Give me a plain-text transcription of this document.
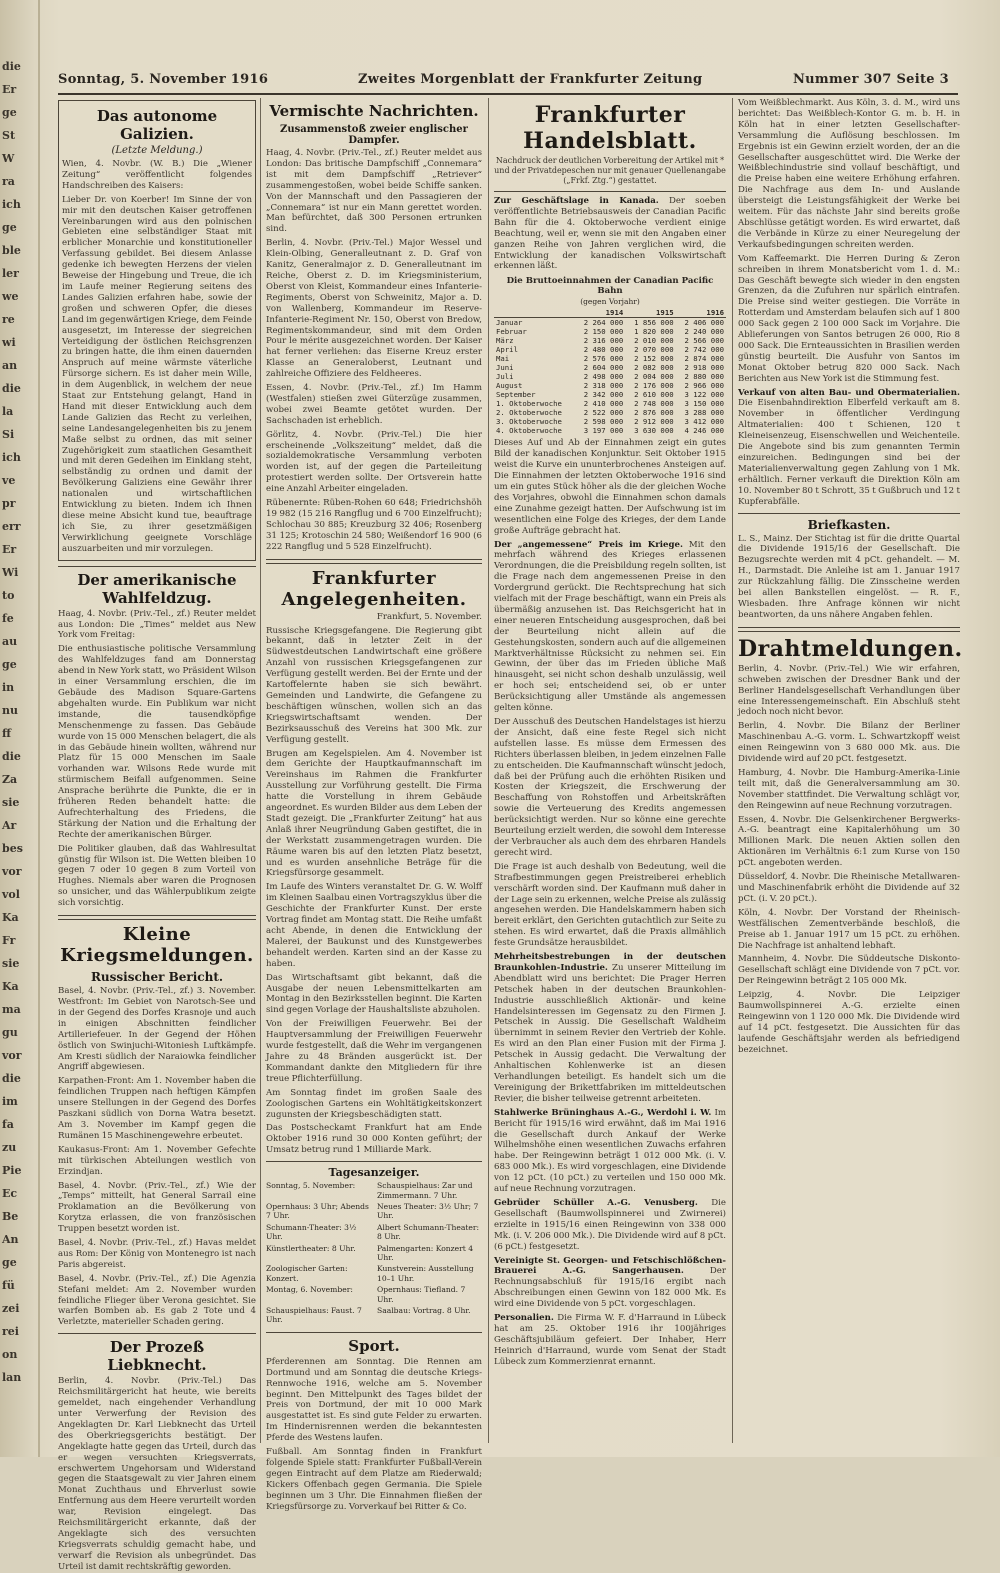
die
Er
ge
St
W
ra
ich
ge
ble
ler
we
re
wi
an
die
la
Si
ich
ve
pr
err
Er
Wi
to
fe
au
ge
in
nu
ff
die
Za
sie
Ar
bes
vor
vol
Ka
Fr
sie
Ka
ma
gu
vor
die
im
fa
zu
Pie
Ec
Be
An
ge
fü
zei
rei
on
lan
Sonntag, 5. November 1916	Zweites Morgenblatt der Frankfurter Zeitung	Nummer 307 Seite 3
Das autonome Galizien.
(Letzte Meldung.)

Wien, 4. Novbr. (W. B.) Die „Wiener Zeitung“ veröffentlicht folgendes Handschreiben des Kaisers:

Lieber Dr. von Koerber! Im Sinne der von mir mit den deutschen Kaiser getroffenen Vereinbarungen wird aus den polnischen Gebieten eine selbständiger Staat mit erblicher Monarchie und konstitutioneller Verfassung gebildet. Bei diesem Anlasse gedenke ich bewegten Herzens der vielen Beweise der Hingebung und Treue, die ich im Laufe meiner Regierung seitens des Landes Galizien erfahren habe, sowie der großen und schweren Opfer, die dieses Land im gegenwärtigen Kriege, dem Feinde ausgesetzt, im Interesse der siegreichen Verteidigung der östlichen Reichsgrenzen zu bringen hatte, die ihm einen dauernden Anspruch auf meine wärmste väterliche Fürsorge sichern. Es ist daher mein Wille, in dem Augenblick, in welchem der neue Staat zur Entstehung gelangt, Hand in Hand mit dieser Entwicklung auch dem Lande Galizien das Recht zu verleihen, seine Landesangelegenheiten bis zu jenem Maße selbst zu ordnen, das mit seiner Zugehörigkeit zum staatlichen Gesamtheit und mit deren Gedeihen im Einklang steht, selbständig zu ordnen und damit der Bevölkerung Galiziens eine Gewähr ihrer nationalen und wirtschaftlichen Entwicklung zu bieten. Indem ich Ihnen diese meine Absicht kund tue, beauftrage ich Sie, zu ihrer gesetzmäßigen Verwirklichung geeignete Vorschläge auszuarbeiten und mir vorzulegen.

Der amerikanische Wahlfeldzug.

Haag, 4. Novbr. (Priv.-Tel., zf.) Reuter meldet aus London: Die „Times“ meldet aus New York vom Freitag:

Die enthusiastische politische Versammlung des Wahlfeldzuges fand am Donnerstag abend in New York statt, wo Präsident Wilson in einer Versammlung erschien, die im Gebäude des Madison Square-Gartens abgehalten wurde. Ein Publikum war nicht imstande, die tausendköpfige Menschenmenge zu fassen. Das Gebäude wurde von 15 000 Menschen belagert, die als in das Gebäude hinein wollten, während nur Platz für 15 000 Menschen im Saale vorhanden war. Wilsons Rede wurde mit stürmischem Beifall aufgenommen. Seine Ansprache berührte die Punkte, die er in früheren Reden behandelt hatte: die Aufrechterhaltung des Friedens, die Stärkung der Nation und die Erhaltung der Rechte der amerikanischen Bürger.

Die Politiker glauben, daß das Wahlresultat günstig für Wilson ist. Die Wetten bleiben 10 gegen 7 oder 10 gegen 8 zum Vorteil von Hughes. Niemals aber waren die Prognosen so unsicher, und das Wählerpublikum zeigte sich vorsichtig.

Kleine Kriegsmeldungen.
Russischer Bericht.

Basel, 4. Novbr. (Priv.-Tel., zf.) 3. November. Westfront: Im Gebiet von Narotsch-See und in der Gegend des Dorfes Krasnoje und auch in einigen Abschnitten feindlicher Artilleriefeuer. In der Gegend der Höhen östlich von Swinjuchi-Witoniesh Luftkämpfe. Am Kresti südlich der Naraiowka feindlicher Angriff abgewiesen.

Karpathen-Front: Am 1. November haben die feindlichen Truppen nach heftigen Kämpfen unsere Stellungen in der Gegend des Dorfes Paszkani südlich von Dorna Watra besetzt. Am 3. November im Kampf gegen die Rumänen 15 Maschinengewehre erbeutet.

Kaukasus-Front: Am 1. November Gefechte mit türkischen Abteilungen westlich von Erzindjan.

Basel, 4. Novbr. (Priv.-Tel., zf.) Wie der „Temps“ mitteilt, hat General Sarrail eine Proklamation an die Bevölkerung von Korytza erlassen, die von französischen Truppen besetzt worden ist.

Basel, 4. Novbr. (Priv.-Tel., zf.) Havas meldet aus Rom: Der König von Montenegro ist nach Paris abgereist.

Basel, 4. Novbr. (Priv.-Tel., zf.) Die Agenzia Stefani meldet: Am 2. November wurden feindliche Flieger über Verona gesichtet. Sie warfen Bomben ab. Es gab 2 Tote und 4 Verletzte, materieller Schaden gering.

Der Prozeß Liebknecht.

Berlin, 4. Novbr. (Priv.-Tel.) Das Reichsmilitärgericht hat heute, wie bereits gemeldet, nach eingehender Verhandlung unter Verwerfung der Revision des Angeklagten Dr. Karl Liebknecht das Urteil des Oberkriegsgerichts bestätigt. Der Angeklagte hatte gegen das Urteil, durch das er wegen versuchten Kriegsverrats, erschwertem Ungehorsam und Widerstand gegen die Staatsgewalt zu vier Jahren einem Monat Zuchthaus und Ehrverlust sowie Entfernung aus dem Heere verurteilt worden war, Revision eingelegt. Das Reichsmilitärgericht erkannte, daß der Angeklagte sich des versuchten Kriegsverrats schuldig gemacht habe, und verwarf die Revision als unbegründet. Das Urteil ist damit rechtskräftig geworden.

Vermischte Nachrichten.
Zusammenstoß zweier englischer Dampfer.

Haag, 4. Novbr. (Priv.-Tel., zf.) Reuter meldet aus London: Das britische Dampfschiff „Connemara“ ist mit dem Dampfschiff „Retriever“ zusammengestoßen, wobei beide Schiffe sanken. Von der Mannschaft und den Passagieren der „Connemara“ ist nur ein Mann gerettet worden. Man befürchtet, daß 300 Personen ertrunken sind.

Berlin, 4. Novbr. (Priv.-Tel.) Major Wessel und Klein-Olbing, Generalleutnant z. D. Graf von Kanitz, Generalmajor z. D. Generalleutnant im Reiche, Oberst z. D. im Kriegsministerium, Oberst von Kleist, Kommandeur eines Infanterie-Regiments, Oberst von Schweinitz, Major a. D. von Wallenberg, Kommandeur im Reserve-Infanterie-Regiment Nr. 150, Oberst von Bredow, Regimentskommandeur, sind mit dem Orden Pour le mérite ausgezeichnet worden. Der Kaiser hat ferner verliehen: das Eiserne Kreuz erster Klasse an Generaloberst, Leutnant und zahlreiche Offiziere des Feldheeres.

Essen, 4. Novbr. (Priv.-Tel., zf.) Im Hamm (Westfalen) stießen zwei Güterzüge zusammen, wobei zwei Beamte getötet wurden. Der Sachschaden ist erheblich.

Görlitz, 4. Novbr. (Priv.-Tel.) Die hier erscheinende „Volkszeitung“ meldet, daß die sozialdemokratische Versammlung verboten worden ist, auf der gegen die Parteileitung protestiert werden sollte. Der Ortsverein hatte eine Anzahl Arbeiter eingeladen.

Rübenernte: Rüben-Rohen 60 648; Friedrichshöh 19 982 (15 216 Rangflug und 6 700 Einzelfrucht); Schlochau 30 885; Kreuzburg 32 406; Rosenberg 31 125; Krotoschin 24 580; Weißendorf 16 900 (6 222 Rangflug und 5 528 Einzelfrucht).

Frankfurter Angelegenheiten.

Frankfurt, 5. November.

Russische Kriegsgefangene. Die Regierung gibt bekannt, daß in letzter Zeit in der Südwestdeutschen Landwirtschaft eine größere Anzahl von russischen Kriegsgefangenen zur Verfügung gestellt werden. Bei der Ernte und der Kartoffelernte haben sie sich bewährt. Gemeinden und Landwirte, die Gefangene zu beschäftigen wünschen, wollen sich an das Kriegswirtschaftsamt wenden. Der Bezirksausschuß des Vereins hat 300 Mk. zur Verfügung gestellt.

Brugen am Kegelspielen. Am 4. November ist dem Gerichte der Hauptkaufmannschaft im Vereinshaus im Rahmen die Frankfurter Ausstellung zur Vorführung gestellt. Die Firma hatte die Vorstellung in ihrem Gebäude angeordnet. Es wurden Bilder aus dem Leben der Stadt gezeigt. Die „Frankfurter Zeitung“ hat aus Anlaß ihrer Neugründung Gaben gestiftet, die in der Werkstatt zusammengetragen wurden. Die Räume waren bis auf den letzten Platz besetzt, und es wurden ansehnliche Beträge für die Kriegsfürsorge gesammelt.

Im Laufe des Winters veranstaltet Dr. G. W. Wolff im Kleinen Saalbau einen Vortragszyklus über die Geschichte der Frankfurter Kunst. Der erste Vortrag findet am Montag statt. Die Reihe umfaßt acht Abende, in denen die Entwicklung der Malerei, der Baukunst und des Kunstgewerbes behandelt werden. Karten sind an der Kasse zu haben.

Das Wirtschaftsamt gibt bekannt, daß die Ausgabe der neuen Lebensmittelkarten am Montag in den Bezirksstellen beginnt. Die Karten sind gegen Vorlage der Haushaltsliste abzuholen.

Von der Freiwilligen Feuerwehr. Bei der Hauptversammlung der Freiwilligen Feuerwehr wurde festgestellt, daß die Wehr im vergangenen Jahre zu 48 Bränden ausgerückt ist. Der Kommandant dankte den Mitgliedern für ihre treue Pflichterfüllung.

Am Sonntag findet im großen Saale des Zoologischen Gartens ein Wohltätigkeitskonzert zugunsten der Kriegsbeschädigten statt.

Das Postscheckamt Frankfurt hat am Ende Oktober 1916 rund 30 000 Konten geführt; der Umsatz betrug rund 1 Milliarde Mark.

Tagesanzeiger.
Sonntag, 5. November:	Schauspielhaus: Zar und Zimmermann. 7 Uhr.
Opernhaus: 3 Uhr; Abends 7 Uhr.
Neues Theater: 3½ Uhr; 7 Uhr.
Schumann-Theater: 3½ Uhr.
Albert Schumann-Theater: 8 Uhr.
Künstlertheater: 8 Uhr.	Palmengarten: Konzert 4 Uhr.
Zoologischer Garten: Konzert.
Kunstverein: Ausstellung 10–1 Uhr.
Montag, 6. November:	Opernhaus: Tiefland. 7 Uhr.
Schauspielhaus: Faust. 7 Uhr.
Saalbau: Vortrag. 8 Uhr.
Sport.

Pferderennen am Sonntag. Die Rennen am Dortmund und am Sonntag die deutsche Kriegs-Rennwoche 1916, welche am 5. November beginnt. Den Mittelpunkt des Tages bildet der Preis von Dortmund, der mit 10 000 Mark ausgestattet ist. Es sind gute Felder zu erwarten. Im Hindernisrennen werden die bekanntesten Pferde des Westens laufen.

Fußball. Am Sonntag finden in Frankfurt folgende Spiele statt: Frankfurter Fußball-Verein gegen Eintracht auf dem Platze am Riederwald; Kickers Offenbach gegen Germania. Die Spiele beginnen um 3 Uhr. Die Einnahmen fließen der Kriegsfürsorge zu. Vorverkauf bei Ritter & Co.

Frankfurter Handelsblatt.

Nachdruck der deutlichen Vorbereitung der Artikel mit * und der Privatdepeschen nur mit genauer Quellenangabe („Frkf. Ztg.“) gestattet.

Zur Geschäftslage in Kanada. Der soeben veröffentlichte Betriebsausweis der Canadian Pacific Bahn für die 4. Oktoberwoche verdient einige Beachtung, weil er, wenn sie mit den Angaben einer ganzen Reihe von Jahren verglichen wird, die Entwicklung der kanadischen Volkswirtschaft erkennen läßt.

Die Bruttoeinnahmen der Canadian Pacific Bahn
(gegen Vorjahr)
	1914	1915	1916
Januar	2 264 000	1 856 000	2 406 000
Februar	2 150 000	1 820 000	2 240 000
März	2 316 000	2 010 000	2 566 000
April	2 480 000	2 070 000	2 742 000
Mai	2 576 000	2 152 000	2 874 000
Juni	2 604 000	2 082 000	2 918 000
Juli	2 498 000	2 004 000	2 880 000
August	2 318 000	2 176 000	2 966 000
September	2 342 000	2 610 000	3 122 000
1. Oktoberwoche	2 410 000	2 748 000	3 150 000
2. Oktoberwoche	2 522 000	2 876 000	3 288 000
3. Oktoberwoche	2 598 000	2 912 000	3 412 000
4. Oktoberwoche	3 197 000	3 630 000	4 246 000

Dieses Auf und Ab der Einnahmen zeigt ein gutes Bild der kanadischen Konjunktur. Seit Oktober 1915 weist die Kurve ein ununterbrochenes Ansteigen auf. Die Einnahmen der letzten Oktoberwoche 1916 sind um ein gutes Stück höher als die der gleichen Woche des Vorjahres, obwohl die Einnahmen schon damals eine Zunahme gezeigt hatten. Der Aufschwung ist im wesentlichen eine Folge des Krieges, der dem Lande große Aufträge gebracht hat.

Der „angemessene“ Preis im Kriege. Mit den mehrfach während des Krieges erlassenen Verordnungen, die die Preisbildung regeln sollten, ist die Frage nach dem angemessenen Preise in den Vordergrund gerückt. Die Rechtsprechung hat sich vielfach mit der Frage beschäftigt, wann ein Preis als übermäßig anzusehen ist. Das Reichsgericht hat in einer neueren Entscheidung ausgesprochen, daß bei der Beurteilung nicht allein auf die Gestehungskosten, sondern auch auf die allgemeinen Marktverhältnisse Rücksicht zu nehmen sei. Ein Gewinn, der über das im Frieden übliche Maß hinausgeht, sei nicht schon deshalb unzulässig, weil er hoch sei; entscheidend sei, ob er unter Berücksichtigung aller Umstände als angemessen gelten könne.

Der Ausschuß des Deutschen Handelstages ist hierzu der Ansicht, daß eine feste Regel sich nicht aufstellen lasse. Es müsse dem Ermessen des Richters überlassen bleiben, in jedem einzelnen Falle zu entscheiden. Die Kaufmannschaft wünscht jedoch, daß bei der Prüfung auch die erhöhten Risiken und Kosten der Kriegszeit, die Erschwerung der Beschaffung von Rohstoffen und Arbeitskräften sowie die Verteuerung des Kredits angemessen berücksichtigt werden. Nur so könne eine gerechte Beurteilung erzielt werden, die sowohl dem Interesse der Verbraucher als auch dem des ehrbaren Handels gerecht wird.

Die Frage ist auch deshalb von Bedeutung, weil die Strafbestimmungen gegen Preistreiberei erheblich verschärft worden sind. Der Kaufmann muß daher in der Lage sein zu erkennen, welche Preise als zulässig angesehen werden. Die Handelskammern haben sich bereit erklärt, den Gerichten gutachtlich zur Seite zu stehen. Es wird erwartet, daß die Praxis allmählich feste Grundsätze herausbildet.

Mehrheitsbestrebungen in der deutschen Braunkohlen-Industrie. Zu unserer Mitteilung im Abendblatt wird uns berichtet: Die Prager Herren Petschek haben in der deutschen Braunkohlen-Industrie ausschließlich Aktionär- und keine Handelsinteressen im Gegensatz zu den Firmen J. Petschek in Aussig. Die Gesellschaft Waldheim übernimmt in seinem Revier den Vertrieb der Kohle. Es wird an den Plan einer Fusion mit der Firma J. Petschek in Aussig gedacht. Die Verwaltung der Anhaltischen Kohlenwerke ist an diesen Verhandlungen beteiligt. Es handelt sich um die Vereinigung der Brikettfabriken im mitteldeutschen Revier, die bisher teilweise getrennt arbeiteten.

Stahlwerke Brüninghaus A.-G., Werdohl i. W. Im Bericht für 1915/16 wird erwähnt, daß im Mai 1916 die Gesellschaft durch Ankauf der Werke Wilhelmshöhe einen wesentlichen Zuwachs erfahren habe. Der Reingewinn beträgt 1 012 000 Mk. (i. V. 683 000 Mk.). Es wird vorgeschlagen, eine Dividende von 12 pCt. (10 pCt.) zu verteilen und 150 000 Mk. auf neue Rechnung vorzutragen.

Gebrüder Schüller A.-G. Venusberg. Die Gesellschaft (Baumwollspinnerei und Zwirnerei) erzielte in 1915/16 einen Reingewinn von 338 000 Mk. (i. V. 206 000 Mk.). Die Dividende wird auf 8 pCt. (6 pCt.) festgesetzt.

Vereinigte St. Georgen- und Fetschischlößchen-Brauerei A.-G. Sangerhausen.	Der Rechnungsabschluß für 1915/16 ergibt nach Abschreibungen einen Gewinn von 182 000 Mk. Es wird eine Dividende von 5 pCt. vorgeschlagen.

Personalien. Die Firma W. F. d'Harraund in Lübeck hat am 25. Oktober 1916 ihr 100jähriges Geschäftsjubiläum gefeiert. Der Inhaber, Herr Heinrich d'Harraund, wurde vom Senat der Stadt Lübeck zum Kommerzienrat ernannt.

Vom Weißblechmarkt. Aus Köln, 3. d. M., wird uns berichtet: Das Weißblech-Kontor G. m. b. H. in Köln hat in einer letzten Gesellschafter-Versammlung die Auflösung beschlossen. Im Ergebnis ist ein Gewinn erzielt worden, der an die Gesellschafter ausgeschüttet wird. Die Werke der Weißblechindustrie sind vollauf beschäftigt, und die Preise haben eine weitere Erhöhung erfahren. Die Nachfrage aus dem In- und Auslande übersteigt die Leistungsfähigkeit der Werke bei weitem. Für das nächste Jahr sind bereits große Abschlüsse getätigt worden. Es wird erwartet, daß die Verbände in Kürze zu einer Neuregelung der Verkaufsbedingungen schreiten werden.

Vom Kaffeemarkt. Die Herren During & Zeron schreiben in ihrem Monatsbericht vom 1. d. M.: Das Geschäft bewegte sich wieder in den engsten Grenzen, da die Zufuhren nur spärlich eintrafen. Die Preise sind weiter gestiegen. Die Vorräte in Rotterdam und Amsterdam belaufen sich auf 1 800 000 Sack gegen 2 100 000 Sack im Vorjahre. Die Ablieferungen von Santos betrugen 26 000, Rio 8 000 Sack. Die Ernteaussichten in Brasilien werden günstig beurteilt. Die Ausfuhr von Santos im Monat Oktober betrug 820 000 Sack. Nach Berichten aus New York ist die Stimmung fest.

Verkauf von alten Bau- und Obermaterialien. Die Eisenbahndirektion Elberfeld verkauft am 8. November in öffentlicher Verdingung Altmaterialien: 400 t Schienen, 120 t Kleineisenzeug, Eisenschwellen und Weichenteile. Die Angebote sind bis zum genannten Termin einzureichen. Bedingungen sind bei der Materialienverwaltung gegen Zahlung von 1 Mk. erhältlich. Ferner verkauft die Direktion Köln am 10. November 80 t Schrott, 35 t Gußbruch und 12 t Kupferabfälle.

Briefkasten.

L. S., Mainz. Der Stichtag ist für die dritte Quartal die Dividende 1915/16 der Gesellschaft. Die Bezugsrechte werden mit 4 pCt. gehandelt. — M. H., Darmstadt. Die Anleihe ist am 1. Januar 1917 zur Rückzahlung fällig. Die Zinsscheine werden bei allen Bankstellen eingelöst. — R. F., Wiesbaden. Ihre Anfrage können wir nicht beantworten, da uns nähere Angaben fehlen.

Drahtmeldungen.

Berlin, 4. Novbr. (Priv.-Tel.) Wie wir erfahren, schweben zwischen der Dresdner Bank und der Berliner Handelsgesellschaft Verhandlungen über eine Interessengemeinschaft. Ein Abschluß steht jedoch noch nicht bevor.

Berlin, 4. Novbr. Die Bilanz der Berliner Maschinenbau A.-G. vorm. L. Schwartzkopff weist einen Reingewinn von 3 680 000 Mk. aus. Die Dividende wird auf 20 pCt. festgesetzt.

Hamburg, 4. Novbr. Die Hamburg-Amerika-Linie teilt mit, daß die Generalversammlung am 30. November stattfindet. Die Verwaltung schlägt vor, den Reingewinn auf neue Rechnung vorzutragen.

Essen, 4. Novbr. Die Gelsenkirchener Bergwerks-A.-G. beantragt eine Kapitalerhöhung um 30 Millionen Mark. Die neuen Aktien sollen den Aktionären im Verhältnis 6:1 zum Kurse von 150 pCt. angeboten werden.

Düsseldorf, 4. Novbr. Die Rheinische Metallwaren- und Maschinenfabrik erhöht die Dividende auf 32 pCt. (i. V. 20 pCt.).

Köln, 4. Novbr. Der Vorstand der Rheinisch-Westfälischen Zementverbände beschloß, die Preise ab 1. Januar 1917 um 15 pCt. zu erhöhen. Die Nachfrage ist anhaltend lebhaft.

Mannheim, 4. Novbr. Die Süddeutsche Diskonto-Gesellschaft schlägt eine Dividende von 7 pCt. vor. Der Reingewinn beträgt 2 105 000 Mk.

Leipzig, 4. Novbr. Die Leipziger Baumwollspinnerei A.-G. erzielte einen Reingewinn von 1 120 000 Mk. Die Dividende wird auf 14 pCt. festgesetzt. Die Aussichten für das laufende Geschäftsjahr werden als befriedigend bezeichnet.
